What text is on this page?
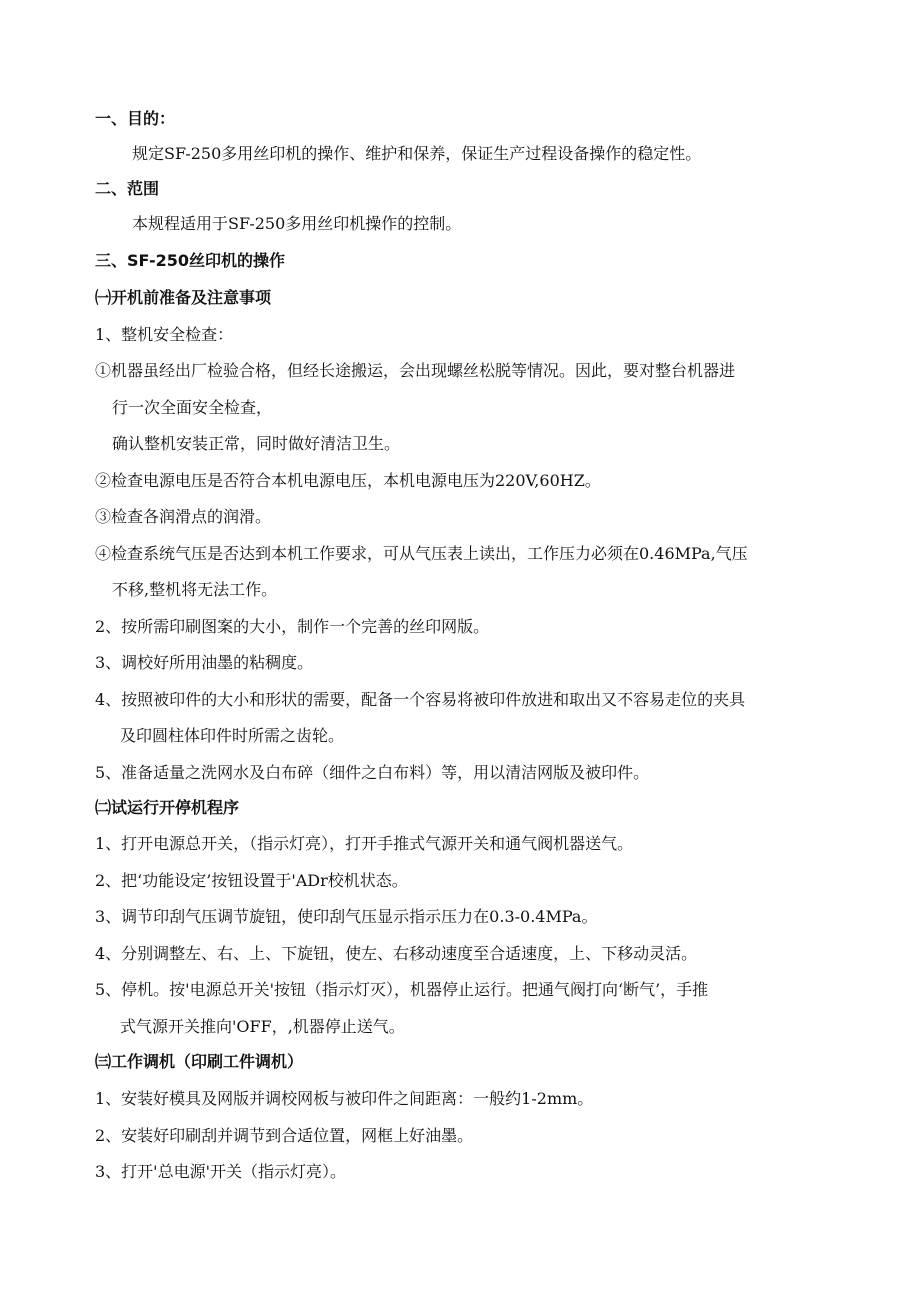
一、目的：
规定SF-250多用丝印机的操作、维护和保养，保证生产过程设备操作的稳定性。
二、范围
本规程适用于SF-250多用丝印机操作的控制。
三、SF-250丝印机的操作
㈠开机前准备及注意事项
1、整机安全检查：
①机器虽经出厂检验合格，但经长途搬运，会出现螺丝松脱等情况。因此，要对整台机器进
行一次全面安全检查，
确认整机安装正常，同时做好清洁卫生。
②检查电源电压是否符合本机电源电压，本机电源电压为220V,60HZ。
③检查各润滑点的润滑。
④检查系统气压是否达到本机工作要求，可从气压表上读出，工作压力必须在0.46MPa,气压
不移,整机将无法工作。
2、按所需印刷图案的大小，制作一个完善的丝印网版。
3、调校好所用油墨的粘稠度。
4、按照被印件的大小和形状的需要，配备一个容易将被印件放进和取出又不容易走位的夹具
及印圆柱体印件时所需之齿轮。
5、准备适量之洗网水及白布碎（细件之白布料）等，用以清洁网版及被印件。
㈡试运行开停机程序
1、打开电源总开关，（指示灯亮），打开手推式气源开关和通气阀机器送气。
2、把‘功能设定’按钮设置于'ADr校机状态。
3、调节印刮气压调节旋钮，使印刮气压显示指示压力在0.3-0.4MPa。
4、分别调整左、右、上、下旋钮，使左、右移动速度至合适速度，上、下移动灵活。
5、停机。按'电源总开关'按钮（指示灯灭），机器停止运行。把通气阀打向‘断气’，手推
式气源开关推向'OFF，,机器停止送气。
㈢工作调机（印刷工件调机）
1、安装好模具及网版并调校网板与被印件之间距离：一般约1-2mm。
2、安装好印刷刮并调节到合适位置，网框上好油墨。
3、打开'总电源'开关（指示灯亮）。
